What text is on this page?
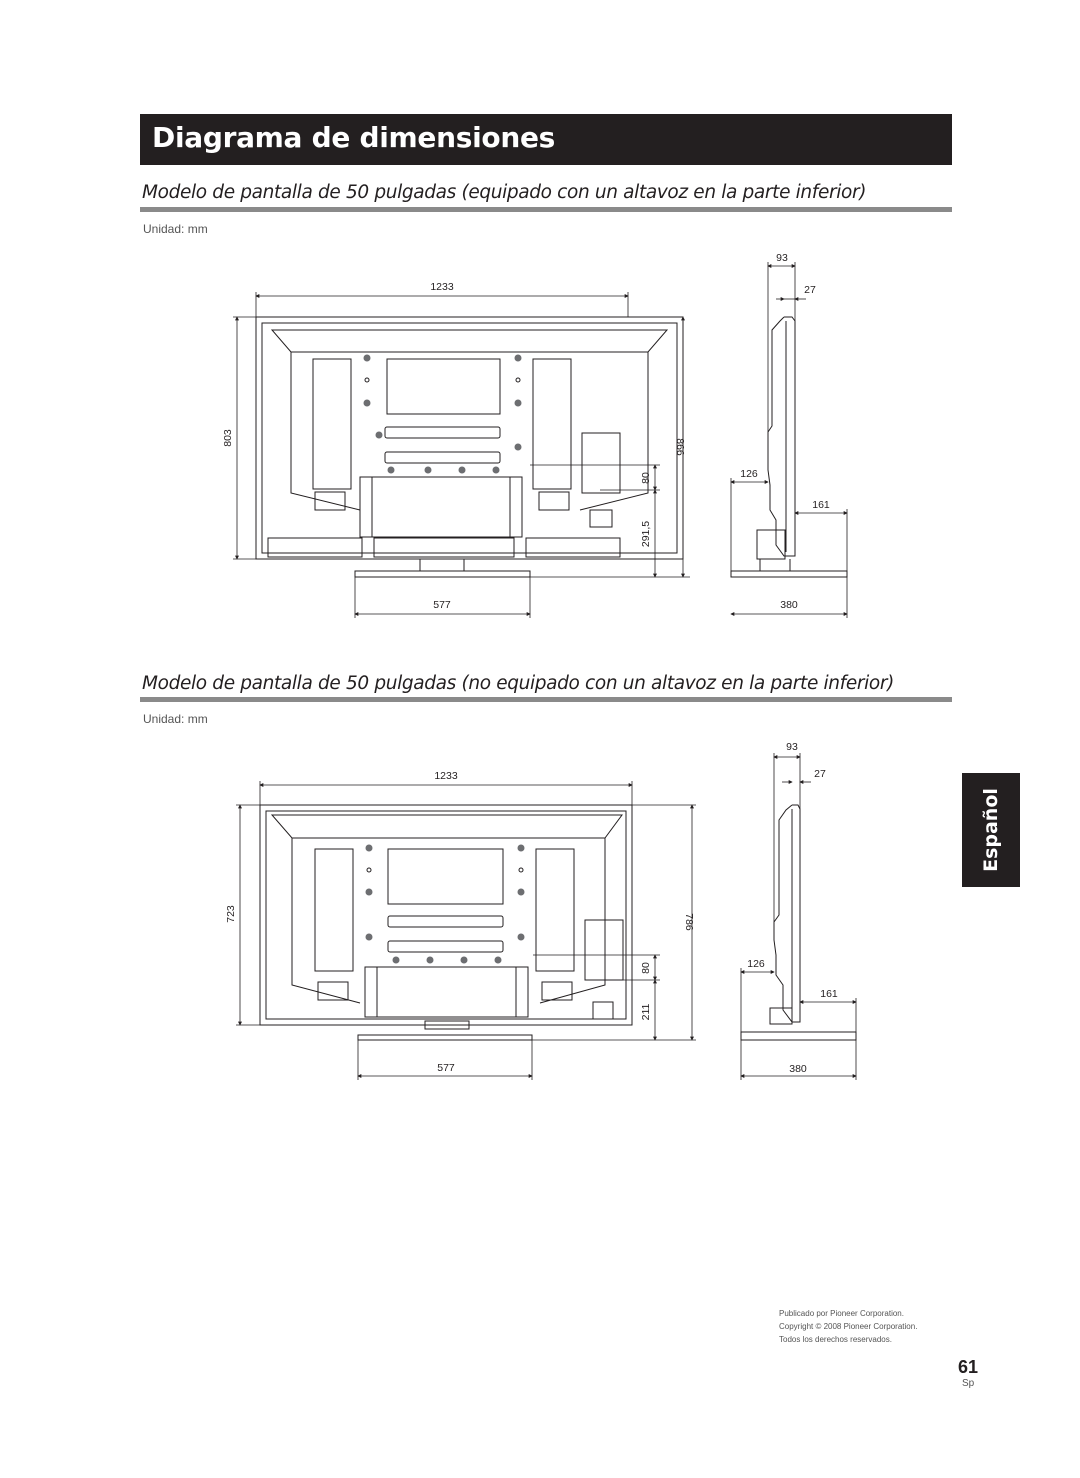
Diagrama de dimensiones
Modelo de pantalla de 50 pulgadas (equipado con un altavoz en la parte inferior)
Unidad: mm
1233
803
866
80
291,5
577
93
27
126
161
380
1233
723	786
80
211
577
93
27
126
161
380
Modelo de pantalla de 50 pulgadas (no equipado con un altavoz en la parte inferior)
Unidad: mm
Español
Publicado por Pioneer Corporation.
Copyright © 2008 Pioneer Corporation.
Todos los derechos reservados.
61
Sp
